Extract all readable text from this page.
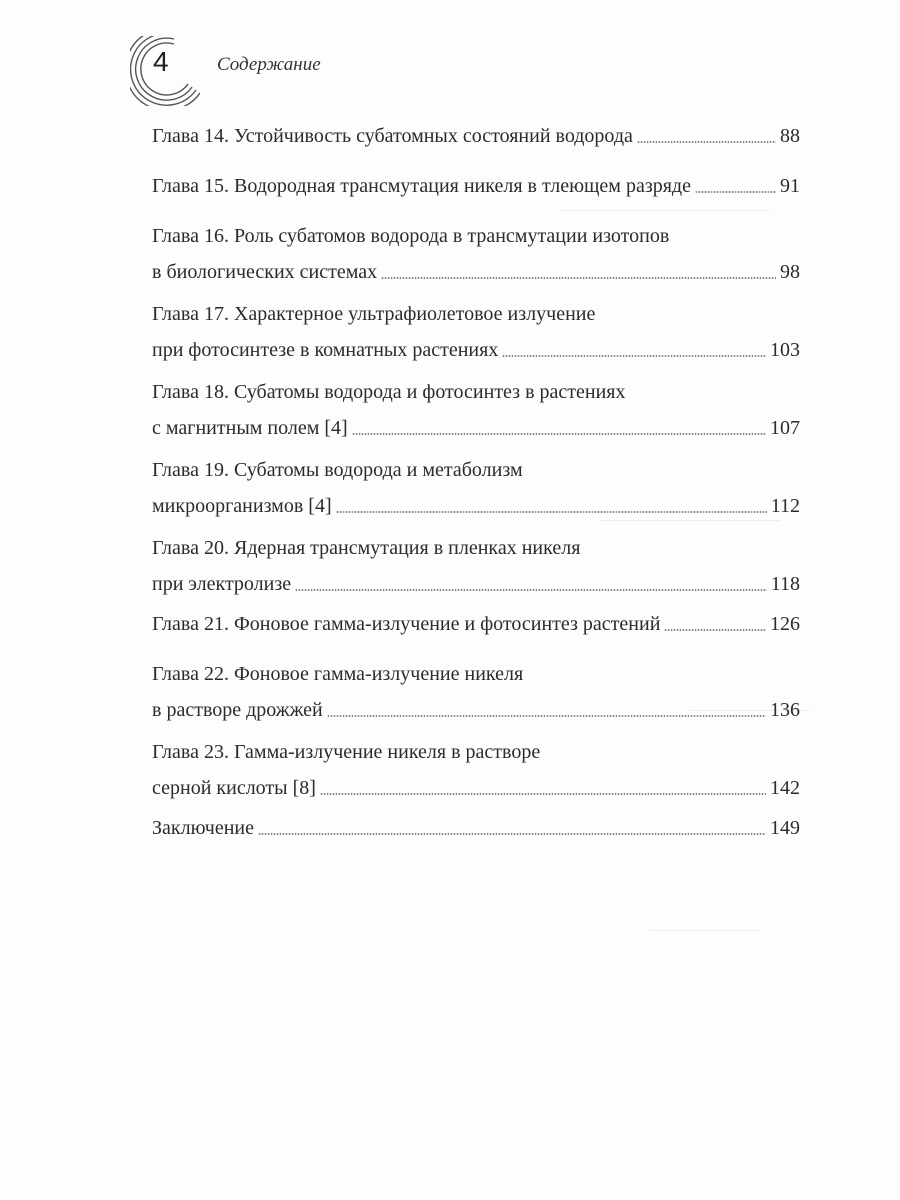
4	Содержание
Глава 14. Устойчивость субатомных состояний водорода	88
Глава 15. Водородная трансмутация никеля в тлеющем разряде	91
Глава 16. Роль субатомов водорода в трансмутации изотопов
в биологических системах	98
Глава 17. Характерное ультрафиолетовое излучение
при фотосинтезе в комнатных растениях	103
Глава 18. Субатомы водорода и фотосинтез в растениях
с магнитным полем [4]	107
Глава 19. Субатомы водорода и метаболизм
микроорганизмов [4]	112
Глава 20. Ядерная трансмутация в пленках никеля
при электролизе	118
Глава 21. Фоновое гамма-излучение и фотосинтез растений	126
Глава 22. Фоновое гамма-излучение никеля
в растворе дрожжей	136
Глава 23. Гамма-излучение никеля в растворе
серной кислоты [8]	142
Заключение	149
